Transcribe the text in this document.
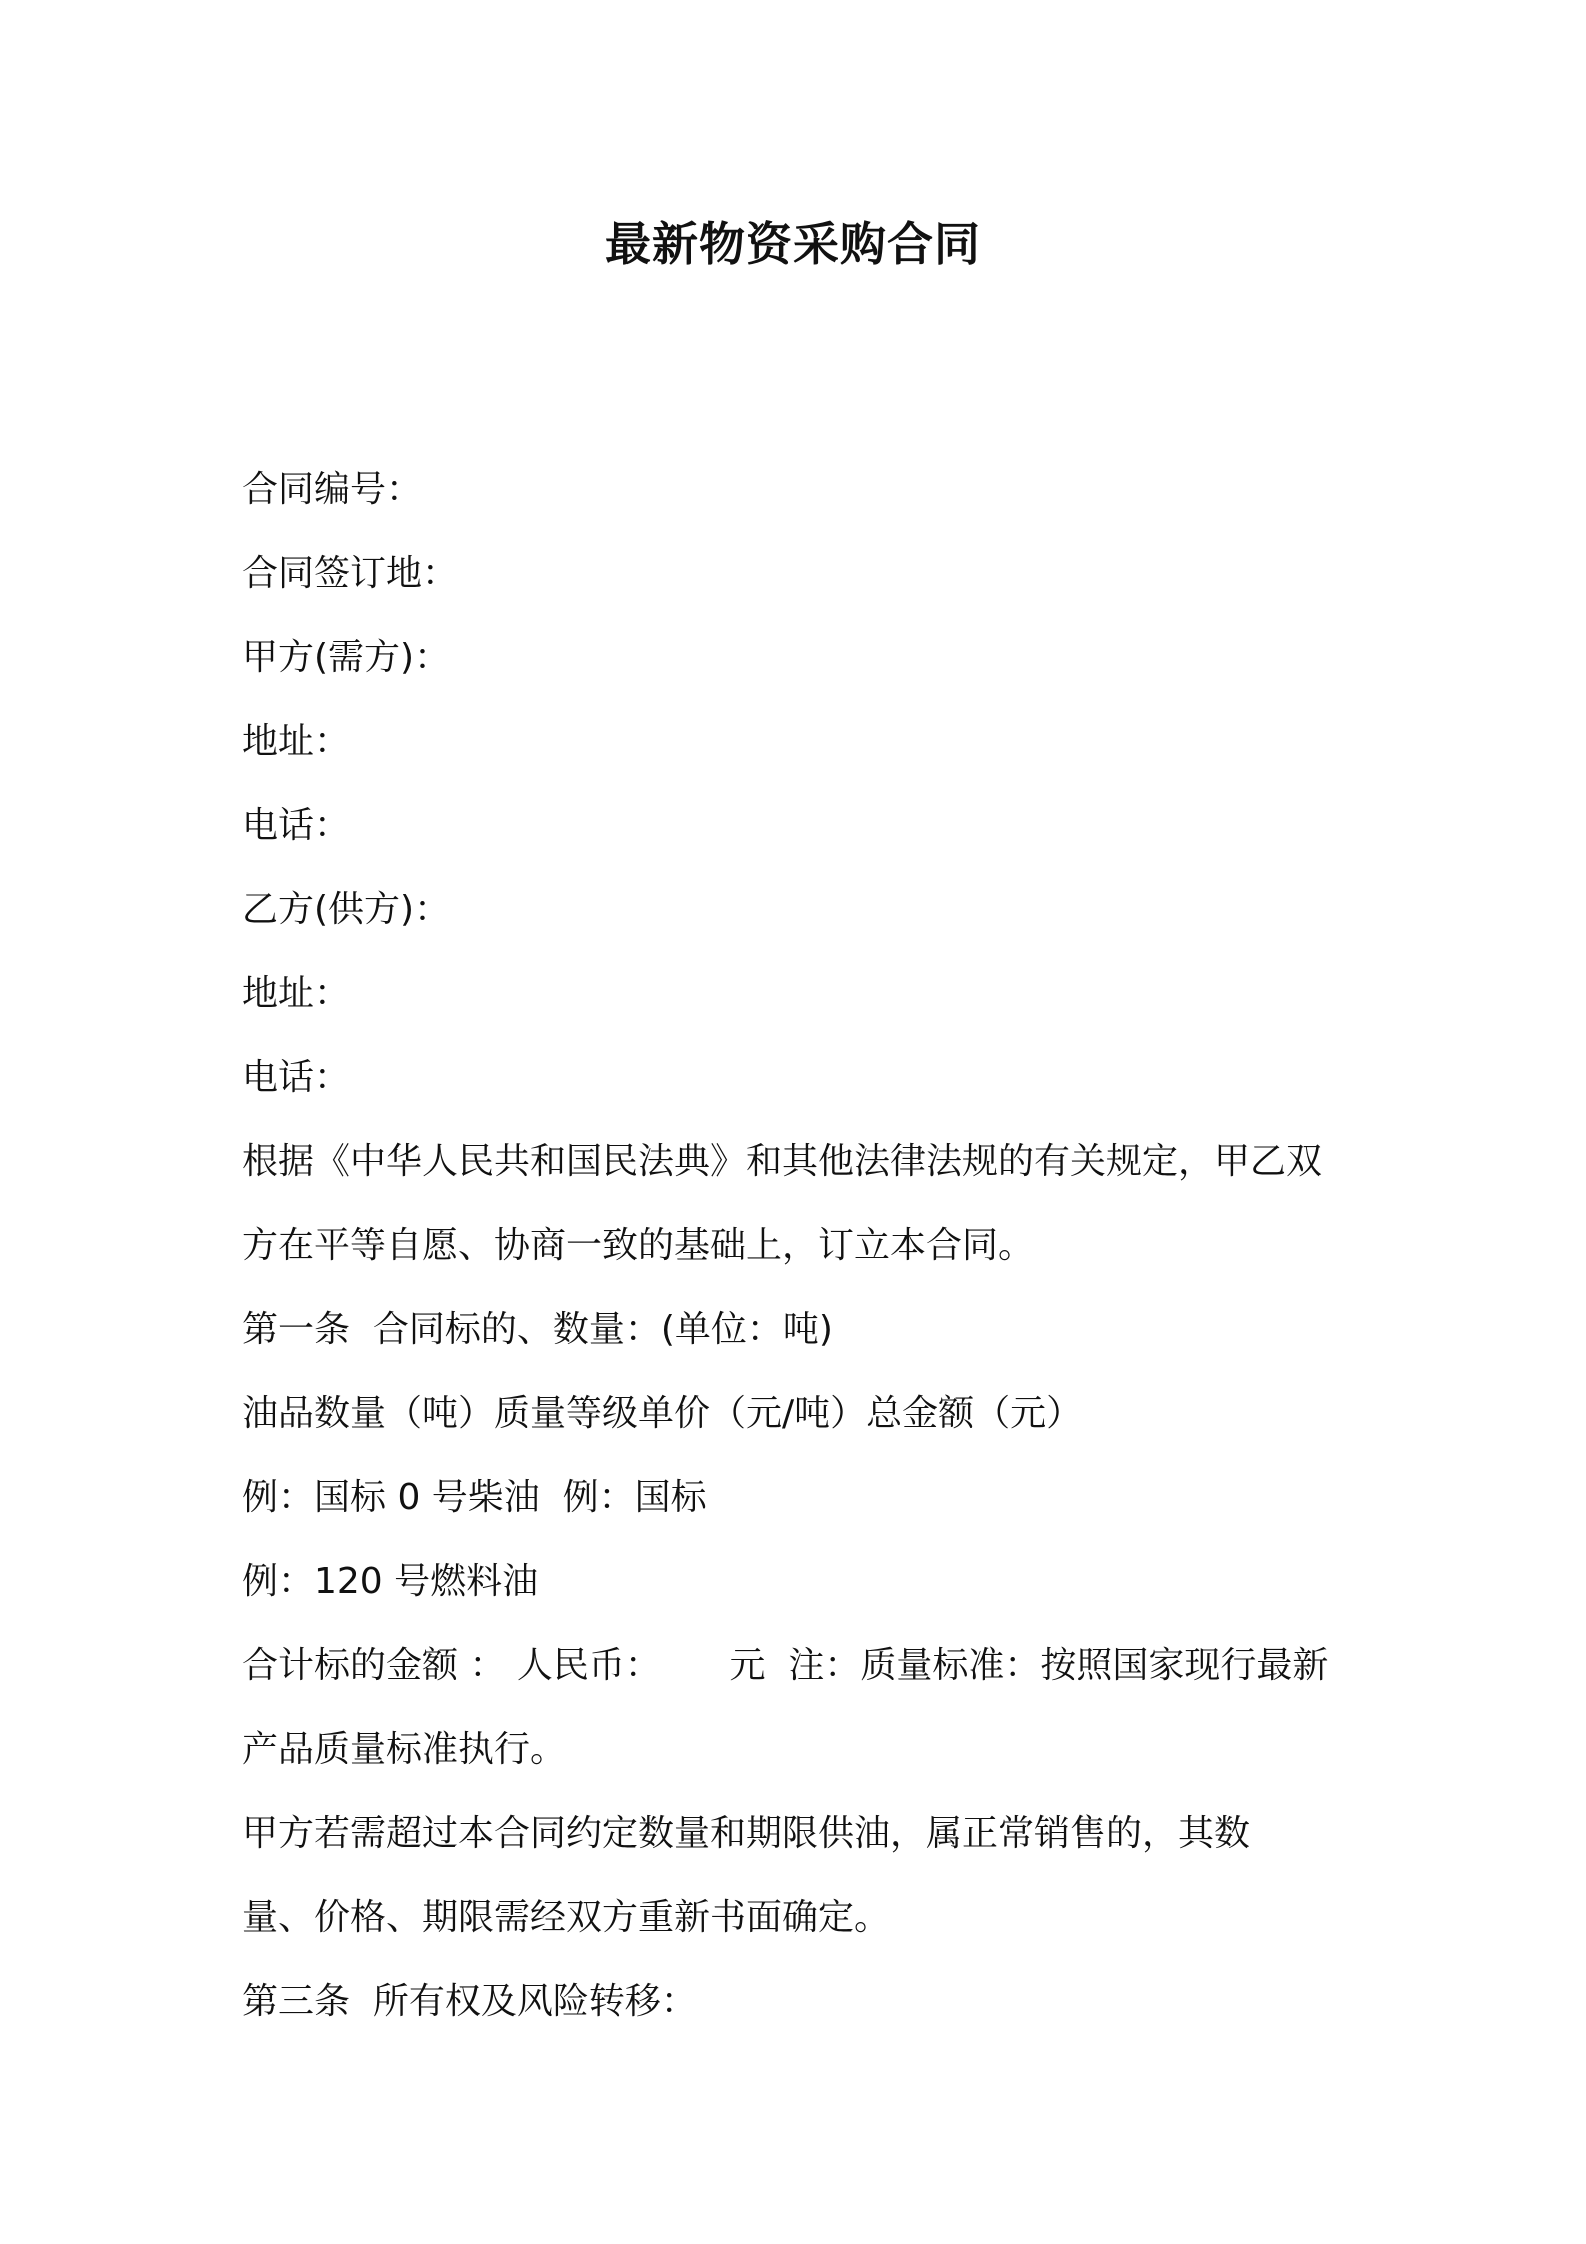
最新物资采购合同
合同编号：
合同签订地：
甲方(需方)：
地址：
电话：
乙方(供方)：
地址：
电话：
根据《中华人民共和国民法典》和其他法律法规的有关规定，甲乙双
方在平等自愿、协商一致的基础上，订立本合同。
第一条  合同标的、数量：(单位：吨)
油品数量（吨）质量等级单价（元/吨）总金额（元）
例：国标 0 号柴油  例：国标
例：120 号燃料油
合计标的金额 ： 人民币：      元  注：质量标准：按照国家现行最新
产品质量标准执行。
甲方若需超过本合同约定数量和期限供油，属正常销售的，其数
量、价格、期限需经双方重新书面确定。
第三条  所有权及风险转移：
